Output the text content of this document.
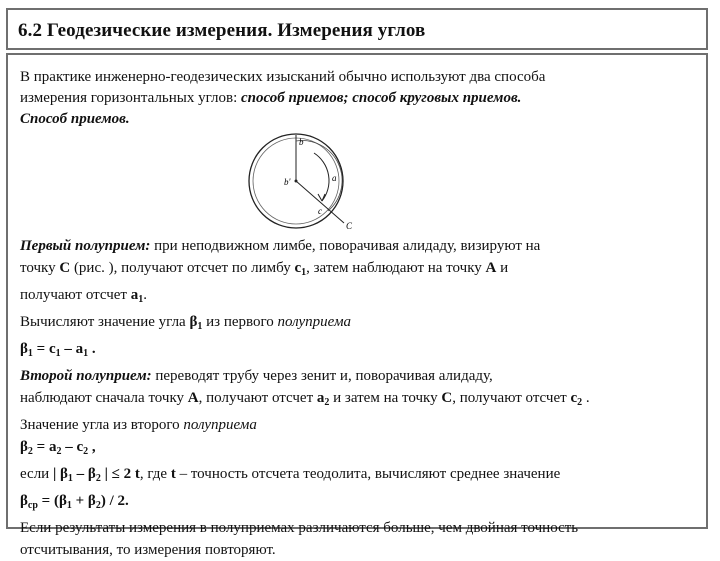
6.2 Геодезические измерения. Измерения углов
В практике инженерно-геодезических изысканий обычно используют два способа
измерения горизонтальных углов: способ приемов; способ круговых приемов.
Способ приемов.
b
b'	a
c
C
Первый полуприем: при неподвижном лимбе, поворачивая алидаду, визируют на
точку C (рис. ), получают отсчет по лимбу $c_1$, затем наблюдают на точку A и
получают отсчет $a_1$.
Вычисляют значение угла $\beta_1$ из первого полуприема
$\beta_1 = c_1 - a_1$ .
Второй полуприем: переводят трубу через зенит и, поворачивая алидаду,
наблюдают сначала точку A, получают отсчет $a_2$ и затем на точку C, получают отсчет $c_2$ .
Значение угла из второго полуприема
$\beta_2 = a_2 - c_2$ ,
если | $\beta_1 - \beta_2$ | ≤ 2 t, где t – точность отсчета теодолита, вычисляют среднее значение
$\beta_{ср} = (\beta_1 + \beta_2) / 2$.
Если результаты измерения в полуприемах различаются больше, чем двойная точность
отсчитывания, то измерения повторяют.
